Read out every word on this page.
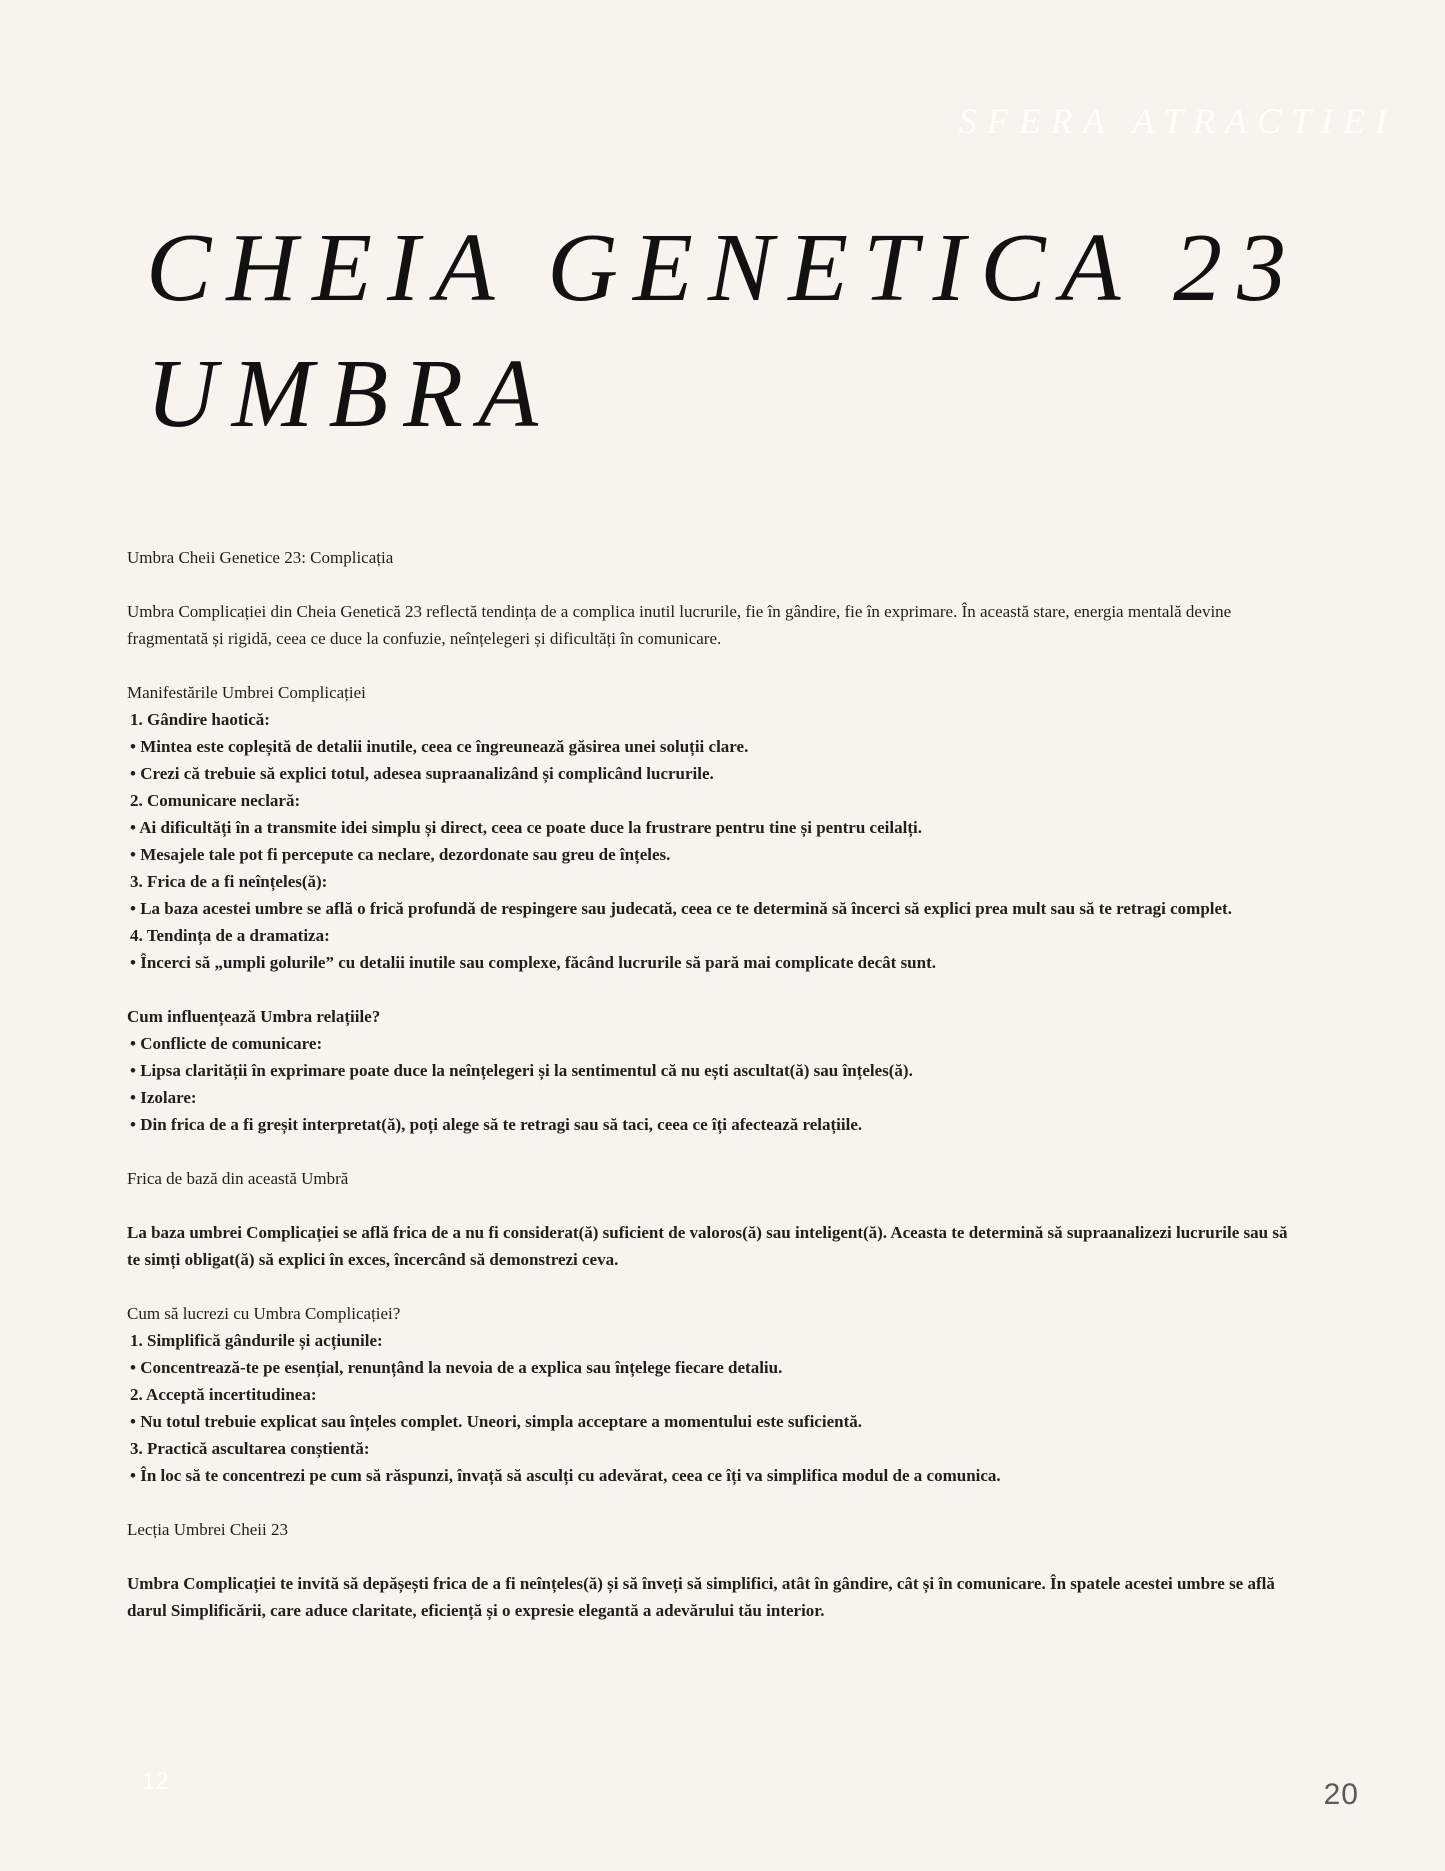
SFERA ATRACTIEI
CHEIA GENETICA 23
UMBRA

Umbra Cheii Genetice 23: Complicația

Umbra Complicației din Cheia Genetică 23 reflectă tendința de a complica inutil lucrurile, fie în gândire, fie în exprimare. În această stare, energia mentală devine fragmentată și rigidă, ceea ce duce la confuzie, neînțelegeri și dificultăți în comunicare.

Manifestările Umbrei Complicației

1. Gândire haotică:

• Mintea este copleșită de detalii inutile, ceea ce îngreunează găsirea unei soluții clare.

• Crezi că trebuie să explici totul, adesea supraanalizând și complicând lucrurile.

2. Comunicare neclară:

• Ai dificultăți în a transmite idei simplu și direct, ceea ce poate duce la frustrare pentru tine și pentru ceilalți.

• Mesajele tale pot fi percepute ca neclare, dezordonate sau greu de înțeles.

3. Frica de a fi neînțeles(ă):

• La baza acestei umbre se află o frică profundă de respingere sau judecată, ceea ce te determină să încerci să explici prea mult sau să te retragi complet.

4. Tendința de a dramatiza:

• Încerci să „umpli golurile” cu detalii inutile sau complexe, făcând lucrurile să pară mai complicate decât sunt.

Cum influențează Umbra relațiile?

• Conflicte de comunicare:

• Lipsa clarității în exprimare poate duce la neînțelegeri și la sentimentul că nu ești ascultat(ă) sau înțeles(ă).

• Izolare:

• Din frica de a fi greșit interpretat(ă), poți alege să te retragi sau să taci, ceea ce îți afectează relațiile.

Frica de bază din această Umbră

La baza umbrei Complicației se află frica de a nu fi considerat(ă) suficient de valoros(ă) sau inteligent(ă). Aceasta te determină să supraanalizezi lucrurile sau să te simți obligat(ă) să explici în exces, încercând să demonstrezi ceva.

Cum să lucrezi cu Umbra Complicației?

1. Simplifică gândurile și acțiunile:

• Concentrează-te pe esențial, renunțând la nevoia de a explica sau înțelege fiecare detaliu.

2. Acceptă incertitudinea:

• Nu totul trebuie explicat sau înțeles complet. Uneori, simpla acceptare a momentului este suficientă.

3. Practică ascultarea conștientă:

• În loc să te concentrezi pe cum să răspunzi, învață să asculți cu adevărat, ceea ce îți va simplifica modul de a comunica.

Lecția Umbrei Cheii 23

Umbra Complicației te invită să depășești frica de a fi neînțeles(ă) și să înveți să simplifici, atât în gândire, cât și în comunicare. În spatele acestei umbre se află darul Simplificării, care aduce claritate, eficiență și o expresie elegantă a adevărului tău interior.

12	20
